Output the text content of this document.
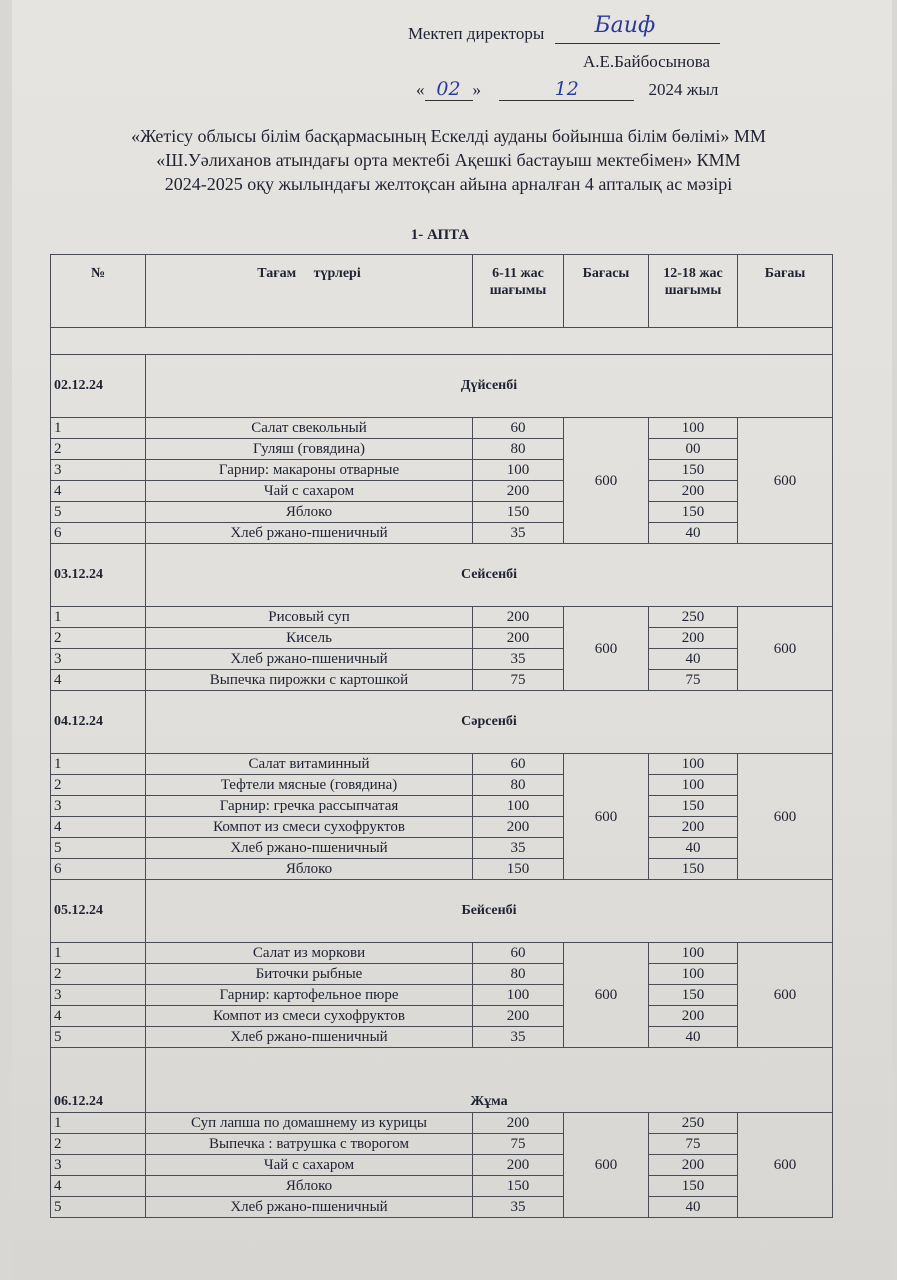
Мектеп директоры Баиф
А.Е.Байбосынова
« 02 »	12	2024 жыл
«Жетісу облысы білім басқармасының Ескелді ауданы бойынша білім бөлімі» ММ
«Ш.Уәлиханов атындағы орта мектебі Ақешкі бастауыш мектебімен» КММ
2024-2025 оқу жылындағы желтоқсан айына арналған 4 апталық ас мәзірі
1- АПТА
№	Тағам     түрлері	6-11 жас шағымы	Бағасы	12-18 жас шағымы	Бағаы

02.12.24	Дүйсенбі				
1	Салат свекольный	60	600	100	600
2	Гуляш (говядина)	80		00	
3	Гарнир: макароны отварные	100		150	
4	Чай с сахаром	200		200	
5	Яблоко	150		150	
6	Хлеб ржано-пшеничный	35		40	
03.12.24	Сейсенбі				
1	Рисовый суп	200	600	250	600
2	Кисель	200		200	
3	Хлеб ржано-пшеничный	35		40	
4	Выпечка пирожки с картошкой	75		75	
04.12.24	Сәрсенбі				
1	Салат витаминный	60	600	100	600
2	Тефтели мясные (говядина)	80		100	
3	Гарнир: гречка рассыпчатая	100		150	
4	Компот из смеси сухофруктов	200		200	
5	Хлеб ржано-пшеничный	35		40	
6	Яблоко	150		150	
05.12.24	Бейсенбі				
1	Салат из моркови	60	600	100	600
2	Биточки рыбные	80		100	
3	Гарнир: картофельное пюре	100		150	
4	Компот из смеси сухофруктов	200		200	
5	Хлеб ржано-пшеничный	35		40	
06.12.24	Жұма				
1	Суп лапша по домашнему из курицы	200	600	250	600
2	Выпечка : ватрушка с творогом	75		75	
3	Чай с сахаром	200		200	
4	Яблоко	150		150	
5	Хлеб ржано-пшеничный	35		40	
